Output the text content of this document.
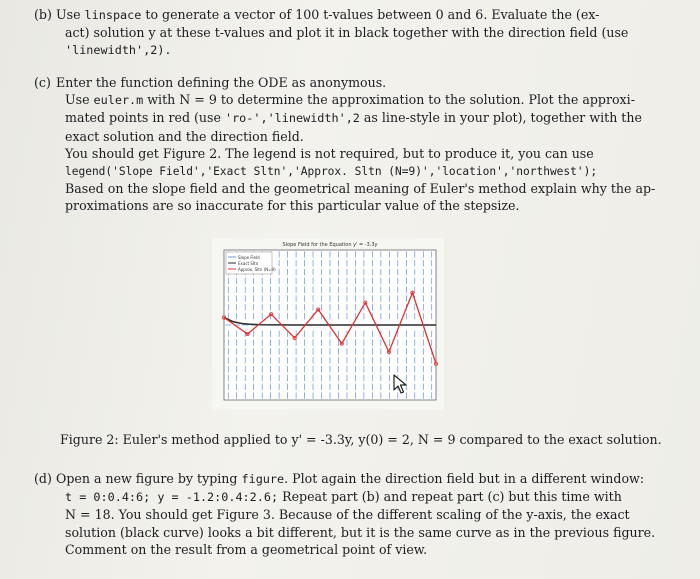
(b) Use linspace to generate a vector of 100 t-values between 0 and 6. Evaluate the (ex-
act) solution y at these t-values and plot it in black together with the direction field (use
'linewidth',2).
(c) Enter the function defining the ODE as anonymous.
Use euler.m with N = 9 to determine the approximation to the solution. Plot the approxi-
mated points in red (use 'ro-','linewidth',2 as line-style in your plot), together with the
exact solution and the direction field.
You should get Figure 2. The legend is not required, but to produce it, you can use
legend('Slope Field','Exact Sltn','Approx. Sltn (N=9)','location','northwest');
Based on the slope field and the geometrical meaning of Euler's method explain why the ap-
proximations are so inaccurate for this particular value of the stepsize.
Slope Field for the Equation y' = -3.3y
Slope Field
Exact Sltn
Approx. Sltn (N=9)
Figure 2: Euler's method applied to y' = -3.3y, y(0) = 2, N = 9 compared to the exact solution.
(d) Open a new figure by typing figure. Plot again the direction field but in a different window:
t = 0:0.4:6; y = -1.2:0.4:2.6; Repeat part (b) and repeat part (c) but this time with
N = 18. You should get Figure 3. Because of the different scaling of the y-axis, the exact
solution (black curve) looks a bit different, but it is the same curve as in the previous figure.
Comment on the result from a geometrical point of view.
